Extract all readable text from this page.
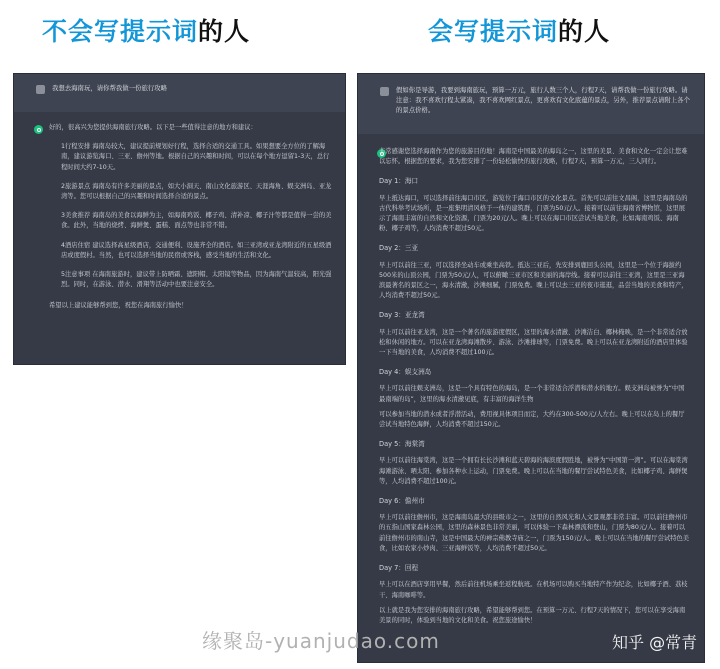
不会写提示词的人	会写提示词的人
我想去海南玩，请你帮我做一份旅行攻略
好的，很高兴为您提供海南旅行攻略。以下是一些值得注意的地方和建议：
1行程安排 海南岛较大，建议提前规划好行程，选择合适的交通工具。如果想要全方位的了解海南，建议游览海口、三亚、儋州等地。根据自己的兴趣和时间，可以在每个地方逗留1-3天，总行程时间大约7-10天。
2旅游景点 海南岛有许多美丽的景点，如大小洞天、南山文化旅游区、天涯海角、蜈支洲岛、亚龙湾等。您可以根据自己的兴趣和时间选择合适的景点。
3美食推荐 海南岛的美食以海鲜为主，如海南鸡饭、椰子鸡、清补凉、椰子汁等都是值得一尝的美食。此外，当地的烧烤、海鲜煲、蛋糕、面点等也非常不错。
4酒店住宿 建议选择高星级酒店，交通便利、设施齐全的酒店。如三亚湾或亚龙湾附近的五星级酒店或度假村。当然，也可以选择当地的民宿或客栈，感受当地的生活和文化。
5注意事项 在海南旅游时，建议带上防晒霜、遮阳帽、太阳镜等物品，因为海南气温较高，阳光强烈。同时，在游泳、潜水、滑翔等活动中也要注意安全。
希望以上建议能够帮到您，祝您在海南旅行愉快！
假如你是导游，我要到海南旅玩，预算一万元，旅行人数三个人，行程7天，请帮我做一份旅行攻略。请注意：我不喜欢行程太紧凑，我不喜欢网红景点，更喜欢有文化底蕴的景点，另外，推荐景点请附上各个的景点价格。
非常感谢您选择海南作为您的旅游目的地！海南是中国最美的海岛之一，这里的美景、美食和文化一定会让您难以忘怀。根据您的要求，我为您安排了一份轻松愉快的旅行攻略，行程7天，预算一万元，三人同行。
Day 1：海口
早上抵达海口，可以选择前往海口市区，游览位于海口市区的文化景点。首先可以前往文昌阁，这里是海南岛的古代科举考试场所，是一座集明清风格于一体的建筑群，门票为50元/人。接着可以前往海南省博物馆，这里展示了海南丰富的自然和文化资源，门票为20元/人。晚上可以在海口市区尝试当地美食，比如海南鸡饭、海南粉、椰子鸡等，人均消费不超过50元。
Day 2：三亚
早上可以前往三亚，可以选择坐动车或乘坐高铁。抵达三亚后，先安排到鹿回头公园，这里是一个位于海拔约500米的山顶公园，门票为50元/人，可以俯瞰三亚市区和美丽的海岸线。接着可以前往三亚湾，这里是三亚海滨最著名的景区之一，海水清澈，沙滩细腻，门票免费。晚上可以去三亚的夜市逛逛，品尝当地的美食和特产，人均消费不超过50元。
Day 3：亚龙湾
早上可以前往亚龙湾，这是一个著名的旅游度假区，这里的海水清澈、沙滩洁白、椰林掩映，是一个非常适合放松和休闲的地方。可以在亚龙湾海滩散步、游泳、沙滩排球等，门票免费。晚上可以在亚龙湾附近的酒店里体验一下当地的美食，人均消费不超过100元。
Day 4：蜈支洲岛
早上可以前往蜈支洲岛，这是一个具有特色的海岛，是一个非常适合浮潜和潜水的地方。蜈支洲岛被誉为“中国最南端的岛”，这里的海水清澈见底，有丰富的海洋生物
可以参加当地的潜水或者浮潜活动，费用视具体项目而定，大约在300-500元/人左右。晚上可以在岛上的餐厅尝试当地特色海鲜，人均消费不超过150元。
Day 5：海棠湾
早上可以前往海棠湾，这是一个拥有长长沙滩和蓝天碧海的海滨度假胜地，被誉为“中国第一湾”。可以在海棠湾海滩游泳、晒太阳、参加各种水上运动，门票免费。晚上可以在当地的餐厅尝试特色美食，比如椰子鸡、海鲜煲等，人均消费不超过100元。
Day 6：儋州市
早上可以前往儋州市，这是海南岛最大的县级市之一，这里的自然风光和人文景观都非常丰富。可以前往儋州市的五指山国家森林公园，这里的森林景色非常美丽，可以体验一下森林漂流和登山，门票为80元/人。接着可以前往儋州市的南山寺，这是中国最大的禅宗佛教寺庙之一，门票为150元/人。晚上可以在当地的餐厅尝试特色美食，比如农家小炒肉、三亚海鲜饭等，人均消费不超过50元。
Day 7：回程
早上可以在酒店享用早餐，然后前往机场乘坐返程航班。在机场可以购买当地特产作为纪念，比如椰子酒、荔枝干、海南咖啡等。
以上就是我为您安排的海南旅行攻略，希望能够帮到您。在预算一万元、行程7天的情况下，您可以在享受海南美景的同时，体验到当地的文化和美食。祝您旅途愉快！
缘聚岛-yuanjudao.com	知乎 @常青
